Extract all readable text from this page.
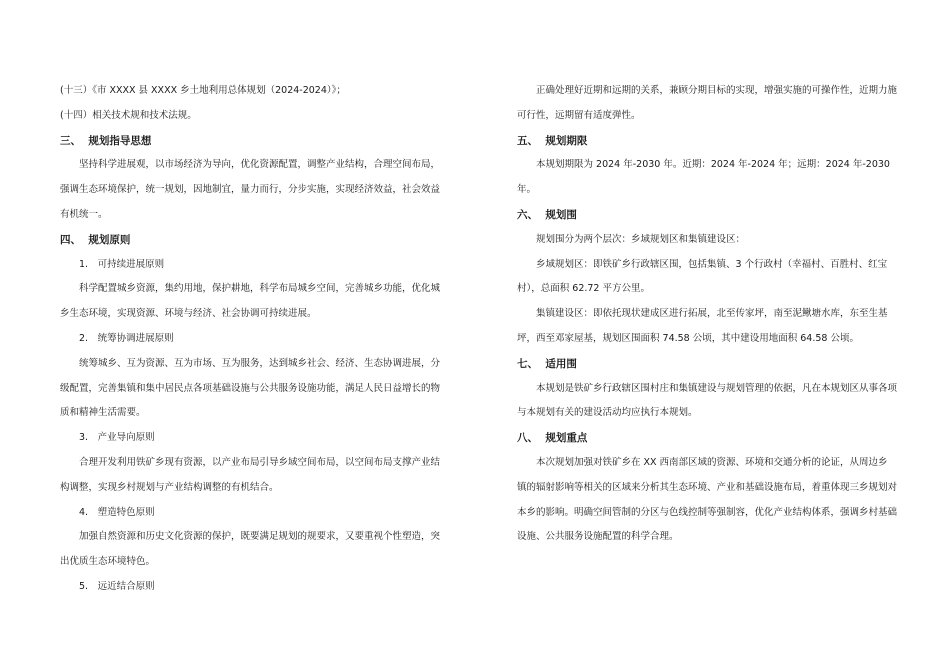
(十三）《市 XXXX 县 XXXX 乡土地利用总体规划（2024-2024）》；

(十四）相关技术规和技术法规。

三、 规划指导思想

坚持科学进展观，以市场经济为导向，优化资源配置，调整产业结构，合理空间布局，强调生态环境保护，统一规划，因地制宜，量力而行，分步实施，实现经济效益，社会效益有机统一。

四、 规划原则

1.　可持续进展原则

科学配置城乡资源，集约用地，保护耕地，科学布局城乡空间，完善城乡功能，优化城乡生态环境，实现资源、环境与经济、社会协调可持续进展。

2.　统筹协调进展原则

统筹城乡、互为资源、互为市场、互为服务，达到城乡社会、经济、生态协调进展，分级配置，完善集镇和集中居民点各项基础设施与公共服务设施功能，满足人民日益增长的物质和精神生活需要。

3.　产业导向原则

合理开发利用铁矿乡现有资源，以产业布局引导乡域空间布局，以空间布局支撑产业结构调整，实现乡村规划与产业结构调整的有机结合。

4.　塑造特色原则

加强自然资源和历史文化资源的保护，既要满足规划的规要求，又要重视个性塑造，突出优质生态环境特色。

5.　远近结合原则

正确处理好近期和远期的关系，兼顾分期目标的实现，增强实施的可操作性，近期力施可行性，远期留有适度弹性。

五、 规划期限

本规划期限为 2024 年-2030 年。近期：2024 年-2024 年；远期：2024 年-2030 年。

六、 规划围

规划围分为两个层次：乡域规划区和集镇建设区：

乡域规划区：即铁矿乡行政辖区围，包括集镇、3 个行政村（幸福村、百胜村、红宝村），总面积 62.72 平方公里。

集镇建设区：即依托现状建成区进行拓展，北至传家坪，南至泥鳅塘水库，东至生基坪，西至邓家屋基，规划区围面积 74.58 公顷，其中建设用地面积 64.58 公顷。

七、 适用围

本规划是铁矿乡行政辖区围村庄和集镇建设与规划管理的依据，凡在本规划区从事各项与本规划有关的建设活动均应执行本规划。

八、 规划重点

本次规划加强对铁矿乡在 XX 西南部区域的资源、环境和交通分析的论证，从周边乡镇的辐射影响等相关的区域来分析其生态环境、产业和基础设施布局，着重体现三乡规划对本乡的影响。明确空间管制的分区与色线控制等强制容，优化产业结构体系，强调乡村基础设施、公共服务设施配置的科学合理。
